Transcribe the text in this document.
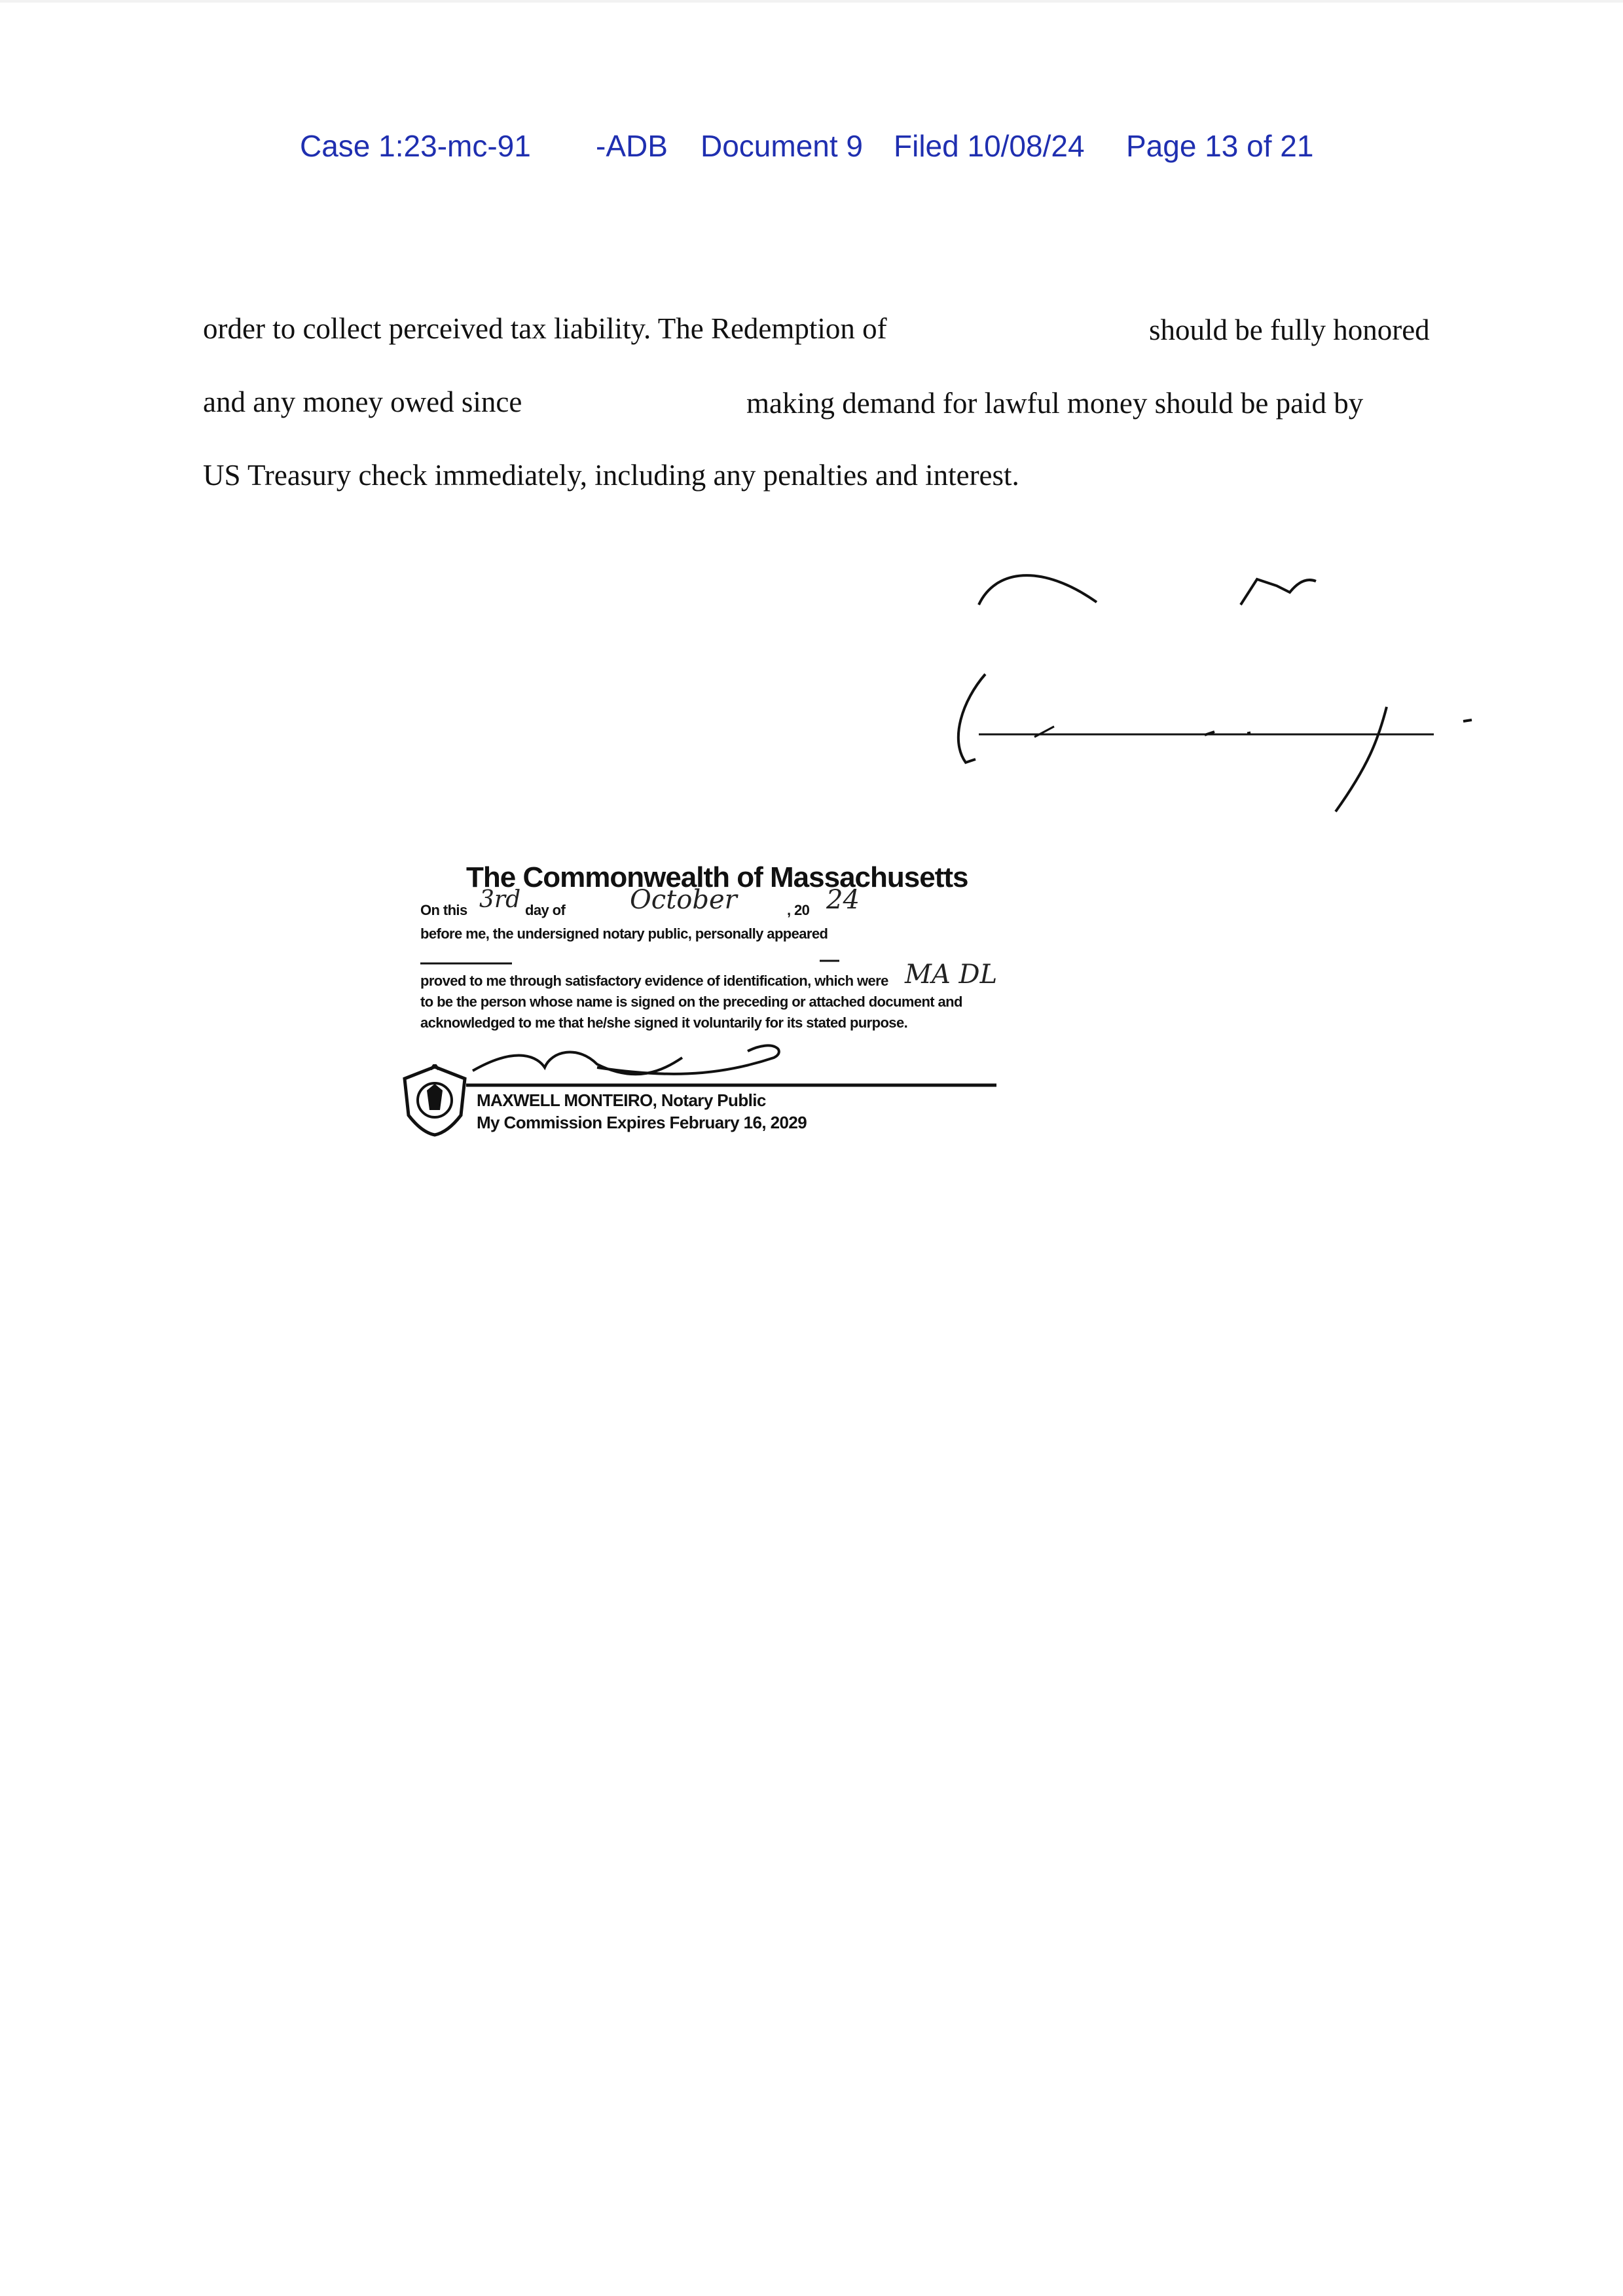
Case 1:23-mc-91 -ADB Document 9 Filed 10/08/24 Page 13 of 21
order to collect perceived tax liability. The Redemption of	should be fully honored
and any money owed since	making demand for lawful money should be paid by
US Treasury check immediately, including any penalties and interest.
The Commonwealth of Massachusetts
On this 3rd day of October	, 20 24
before me, the undersigned notary public, personally appeared
proved to me through satisfactory evidence of identification, which were MA DL
to be the person whose name is signed on the preceding or attached document and
acknowledged to me that he/she signed it voluntarily for its stated purpose.
MAXWELL MONTEIRO, Notary Public
My Commission Expires February 16, 2029
